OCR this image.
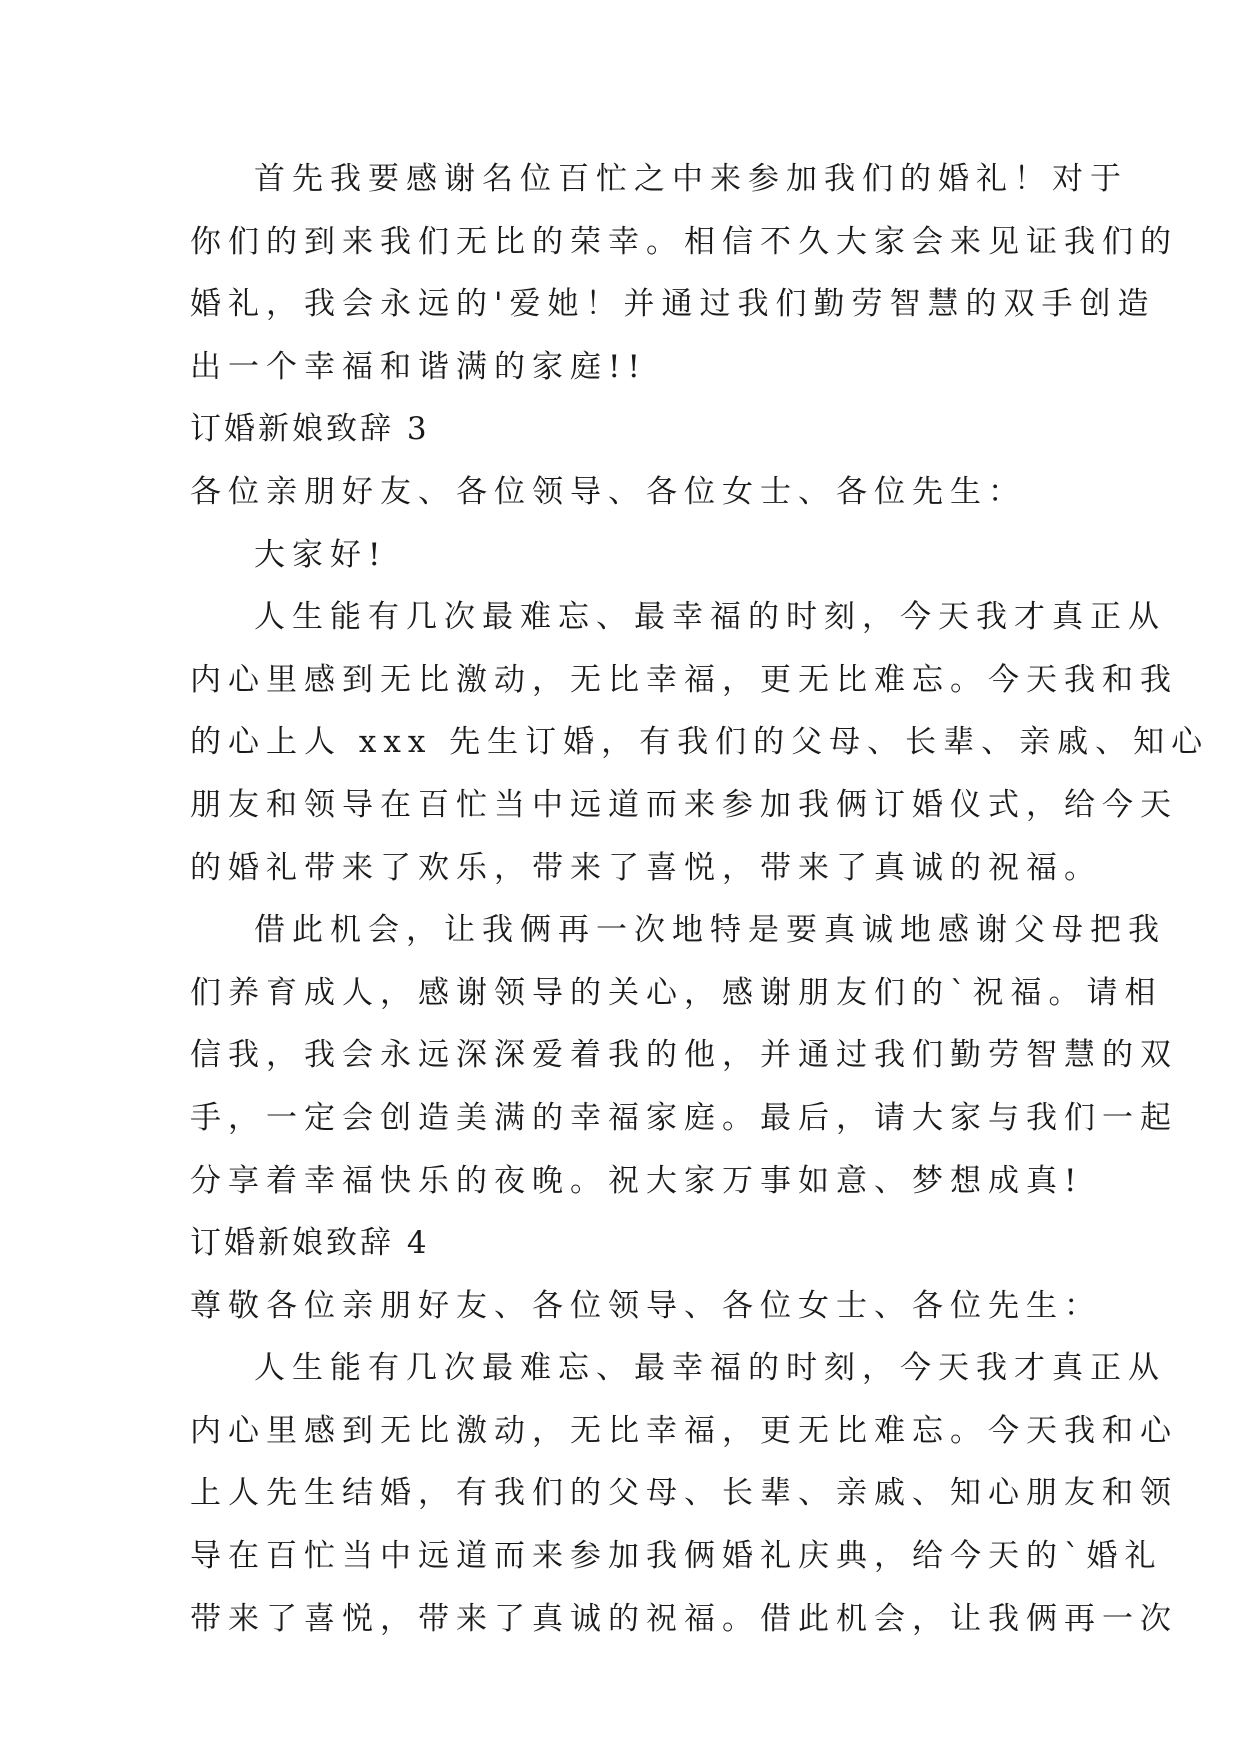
首先我要感谢名位百忙之中来参加我们的婚礼！对于
你们的到来我们无比的荣幸。相信不久大家会来见证我们的
婚礼，我会永远的'爱她！并通过我们勤劳智慧的双手创造
出一个幸福和谐满的家庭!!
订婚新娘致辞 3
各位亲朋好友、各位领导、各位女士、各位先生：
大家好!
人生能有几次最难忘、最幸福的时刻，今天我才真正从
内心里感到无比激动，无比幸福，更无比难忘。今天我和我
的心上人 xxx 先生订婚，有我们的父母、长辈、亲戚、知心
朋友和领导在百忙当中远道而来参加我俩订婚仪式，给今天
的婚礼带来了欢乐，带来了喜悦，带来了真诚的祝福。
借此机会，让我俩再一次地特是要真诚地感谢父母把我
们养育成人，感谢领导的关心，感谢朋友们的`祝福。请相
信我，我会永远深深爱着我的他，并通过我们勤劳智慧的双
手，一定会创造美满的幸福家庭。最后，请大家与我们一起
分享着幸福快乐的夜晚。祝大家万事如意、梦想成真!
订婚新娘致辞 4
尊敬各位亲朋好友、各位领导、各位女士、各位先生：
人生能有几次最难忘、最幸福的时刻，今天我才真正从
内心里感到无比激动，无比幸福，更无比难忘。今天我和心
上人先生结婚，有我们的父母、长辈、亲戚、知心朋友和领
导在百忙当中远道而来参加我俩婚礼庆典，给今天的`婚礼
带来了喜悦，带来了真诚的祝福。借此机会，让我俩再一次
